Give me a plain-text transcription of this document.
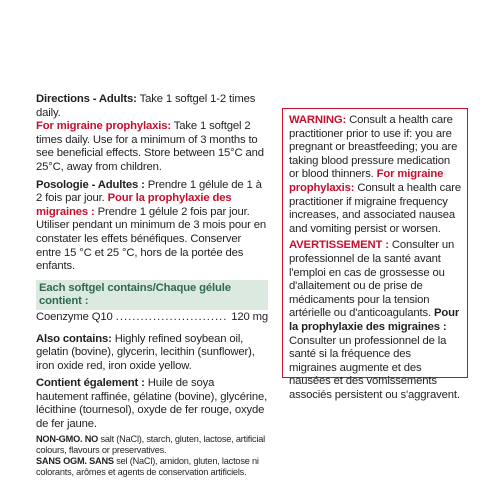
Directions - Adults: Take 1 softgel 1-2 times daily.
For migraine prophylaxis: Take 1 softgel 2 times daily. Use for a minimum of 3 months to see beneficial effects. Store between 15°C and 25°C, away from children.

Posologie - Adultes : Prendre 1 gélule de 1 à 2 fois par jour. Pour la prophylaxie des migraines : Prendre 1 gélule 2 fois par jour. Utiliser pendant un minimum de 3 mois pour en constater les effets bénéfiques. Conserver entre 15 °C et 25 °C, hors de la portée des enfants.

Each softgel contains/Chaque gélule contient :
Coenzyme Q10 ........................... 120 mg

Also contains: Highly refined soybean oil, gelatin (bovine), glycerin, lecithin (sunflower), iron oxide red, iron oxide yellow.

Contient également : Huile de soya hautement raffinée, gélatine (bovine), glycérine, lécithine (tournesol), oxyde de fer rouge, oxyde de fer jaune.

NON-GMO. NO salt (NaCl), starch, gluten, lactose, artificial colours, flavours or preservatives.

SANS OGM. SANS sel (NaCl), amidon, gluten, lactose ni colorants, arômes et agents de conservation artificiels.

WARNING: Consult a health care practitioner prior to use if: you are pregnant or breastfeeding; you are taking blood pressure medication or blood thinners. For migraine prophylaxis: Consult a health care practitioner if migraine frequency increases, and associated nausea and vomiting persist or worsen.

AVERTISSEMENT : Consulter un professionnel de la santé avant l'emploi en cas de grossesse ou d'allaitement ou de prise de médicaments pour la tension artérielle ou d'anticoagulants. Pour la prophylaxie des migraines : Consulter un professionnel de la santé si la fréquence des migraines augmente et des nausées et des vomissements associés persistent ou s'aggravent.
